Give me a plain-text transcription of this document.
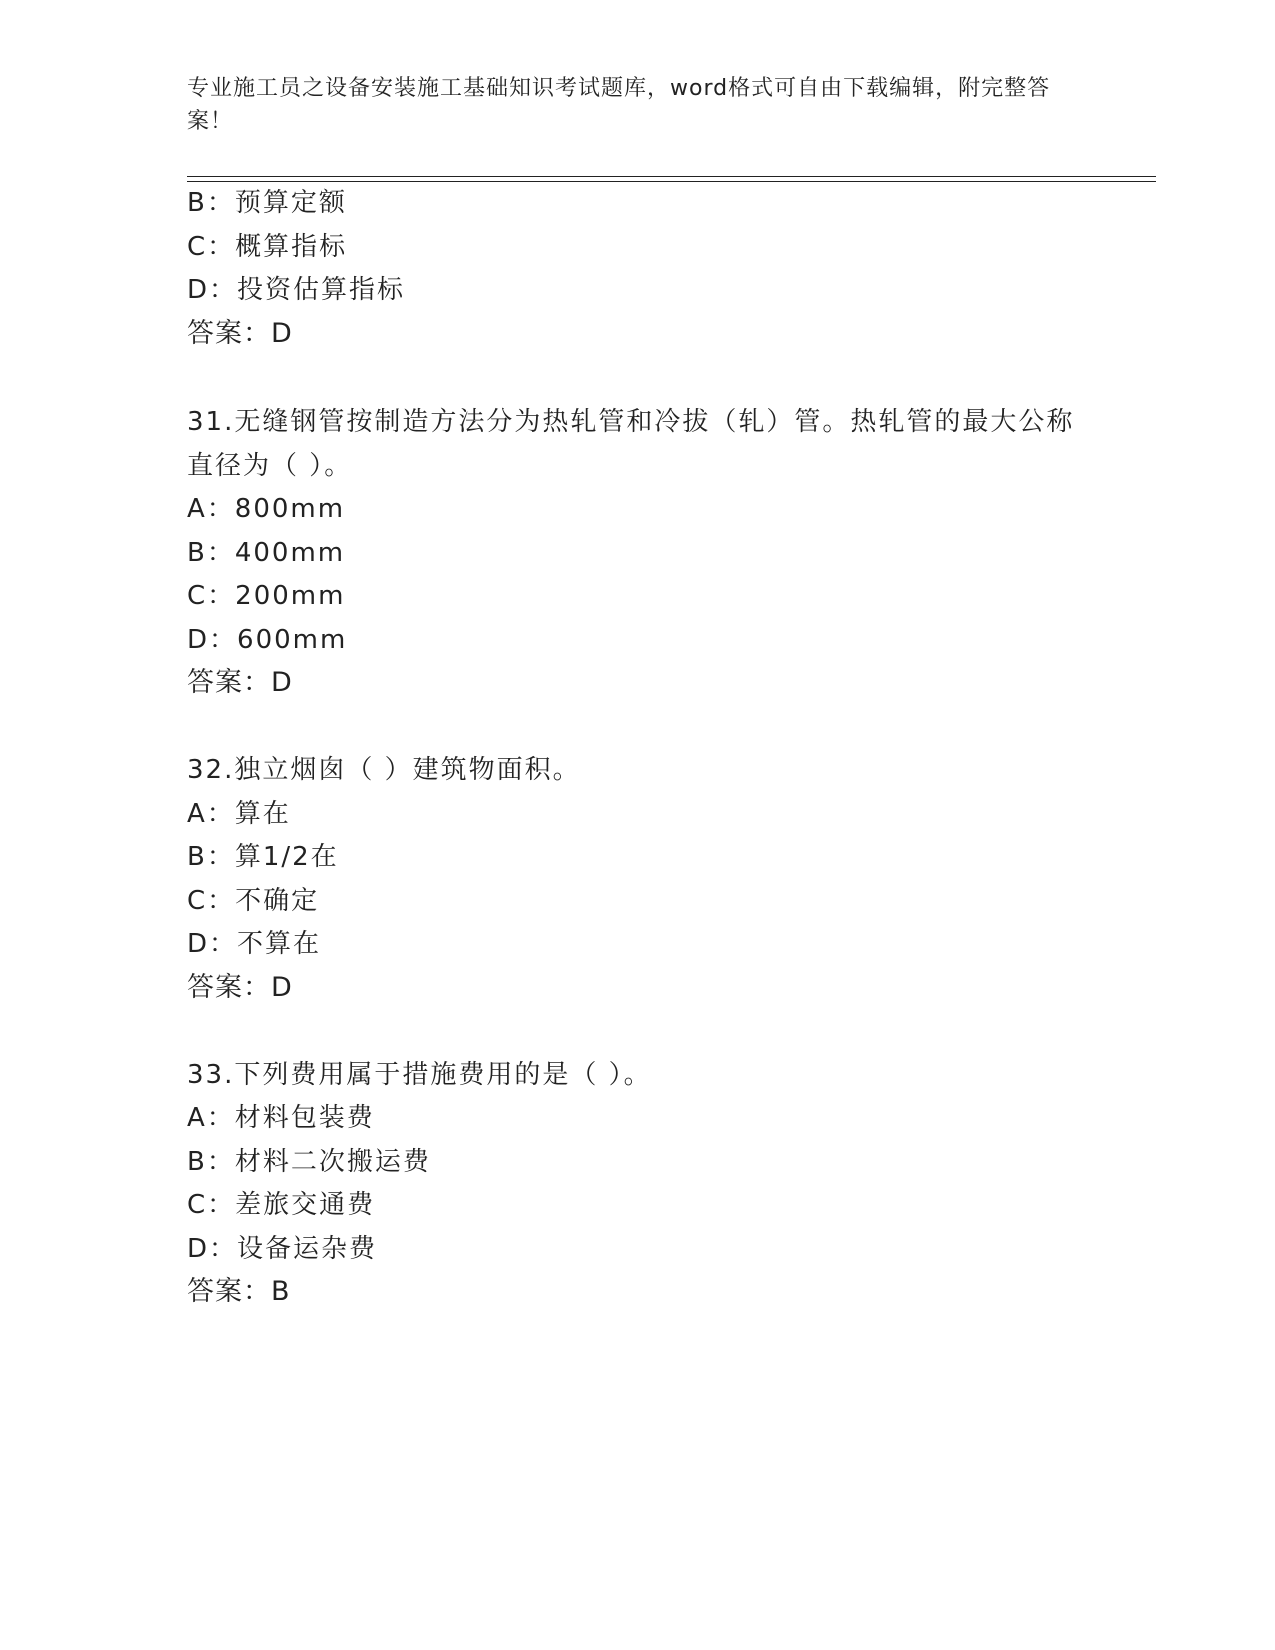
专业施工员之设备安装施工基础知识考试题库，word格式可自由下载编辑，附完整答案！
B：预算定额
C：概算指标
D：投资估算指标
答案：D
31.无缝钢管按制造方法分为热轧管和冷拔（轧）管。热轧管的最大公称直径为（ ）。
A：800mm
B：400mm
C：200mm
D：600mm
答案：D
32.独立烟囱（ ）建筑物面积。
A：算在
B：算1/2在
C：不确定
D：不算在
答案：D
33.下列费用属于措施费用的是（ ）。
A：材料包装费
B：材料二次搬运费
C：差旅交通费
D：设备运杂费
答案：B
